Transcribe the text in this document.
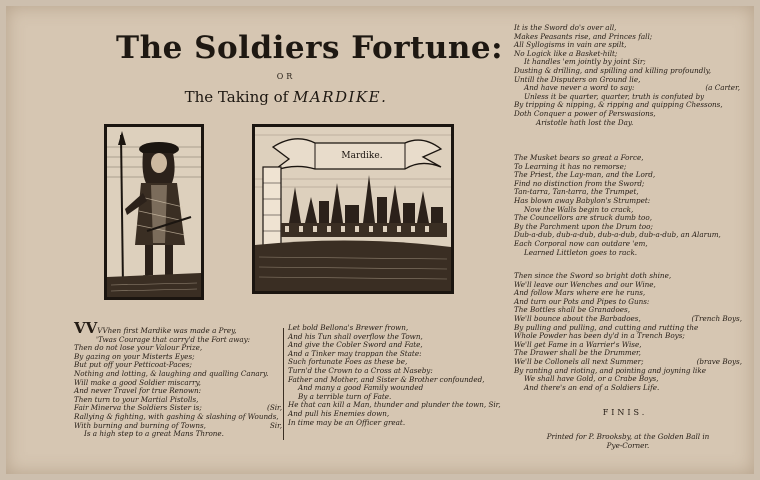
The Soldiers Fortune:
OR
The Taking of MARDIKE.
Mardike.
VVVVhen first Mardike was made a Prey,
'Twas Courage that carry'd the Fort away:
Then do not lose your Valour Prize,
By gazing on your Misterts Eyes;
But put off your Petticoat-Paces;
Nothing and lotting, & laughing and qualling Canary.
Will make a good Soldier miscarry,
And never Travel for true Renown:
Then turn to your Martial Pistolls,
Fair Minerva the Soldiers Sister is;	(Sir,
Rallying & fighting, with gashing & slashing of Wounds,
With burning and burning of Towns,	Sir,
Is a high step to a great Mans Throne.
Let bold Bellona's Brewer frown,
And his Tun shall overflow the Town,
And give the Cobler Sword and Fate,
And a Tinker may trappan the State:
Such fortunate Foes as these be,
Turn'd the Crown to a Cross at Naseby:
Father and Mother, and Sister & Brother confounded,
And many a good Family wounded
By a terrible turn of Fate.
He that can kill a Man, thunder and plunder the town, Sir,
And pull his Enemies down,
In time may be an Officer great.
It is the Sword do's over all,
Makes Peasants rise, and Princes fall;
All Syllogisms in vain are spilt,
No Logick like a Basket-hilt;
It handles 'em jointly by joint Sir;
Dusting & drilling, and spilling and killing profoundly,
Untill the Disputers on Ground lie,
And have never a word to say:	(a Carter,
Unless it be quarter, quarter, truth is confuted by
By tripping & nipping, & ripping and quipping Chessons,
Doth Conquer a power of Perswasions,
Aristotle hath lost the Day.
The Musket bears so great a Force,
To Learning it has no remorse;
The Priest, the Lay-man, and the Lord,
Find no distinction from the Sword;
Tan-tarra, Tan-tarra, the Trumpet,
Has blown away Babylon's Strumpet:
Now the Walls begin to crack,
The Councellors are struck dumb too,
By the Parchment upon the Drum too;
Dub-a-dub, dub-a-dub, dub-a-dub, dub-a-dub, an Alarum,
Each Corporal now can outdare 'em,
Learned Littleton goes to rack.
Then since the Sword so bright doth shine,
We'll leave our Wenches and our Wine,
And follow Mars where ere he runs,
And turn our Pots and Pipes to Guns:
The Bottles shall be Granadoes,
We'll bounce about the Barbadoes,	(Trench Boys,
By pulling and pulling, and cutting and rutting the
Whole Powder has been dy'd in a Trench Boys;
We'll get Fame in a Warrier's Wise,
The Drawer shall be the Drummer,
We'll be Collonels all next Summer;	(brave Boys,
By ranting and rioting, and pointing and joyning like
We shall have Gold, or a Crabe Boys,
And there's an end of a Soldiers Life.
FINIS.
Printed for P. Brooksby, at the Golden Ball in
Pye-Corner.
